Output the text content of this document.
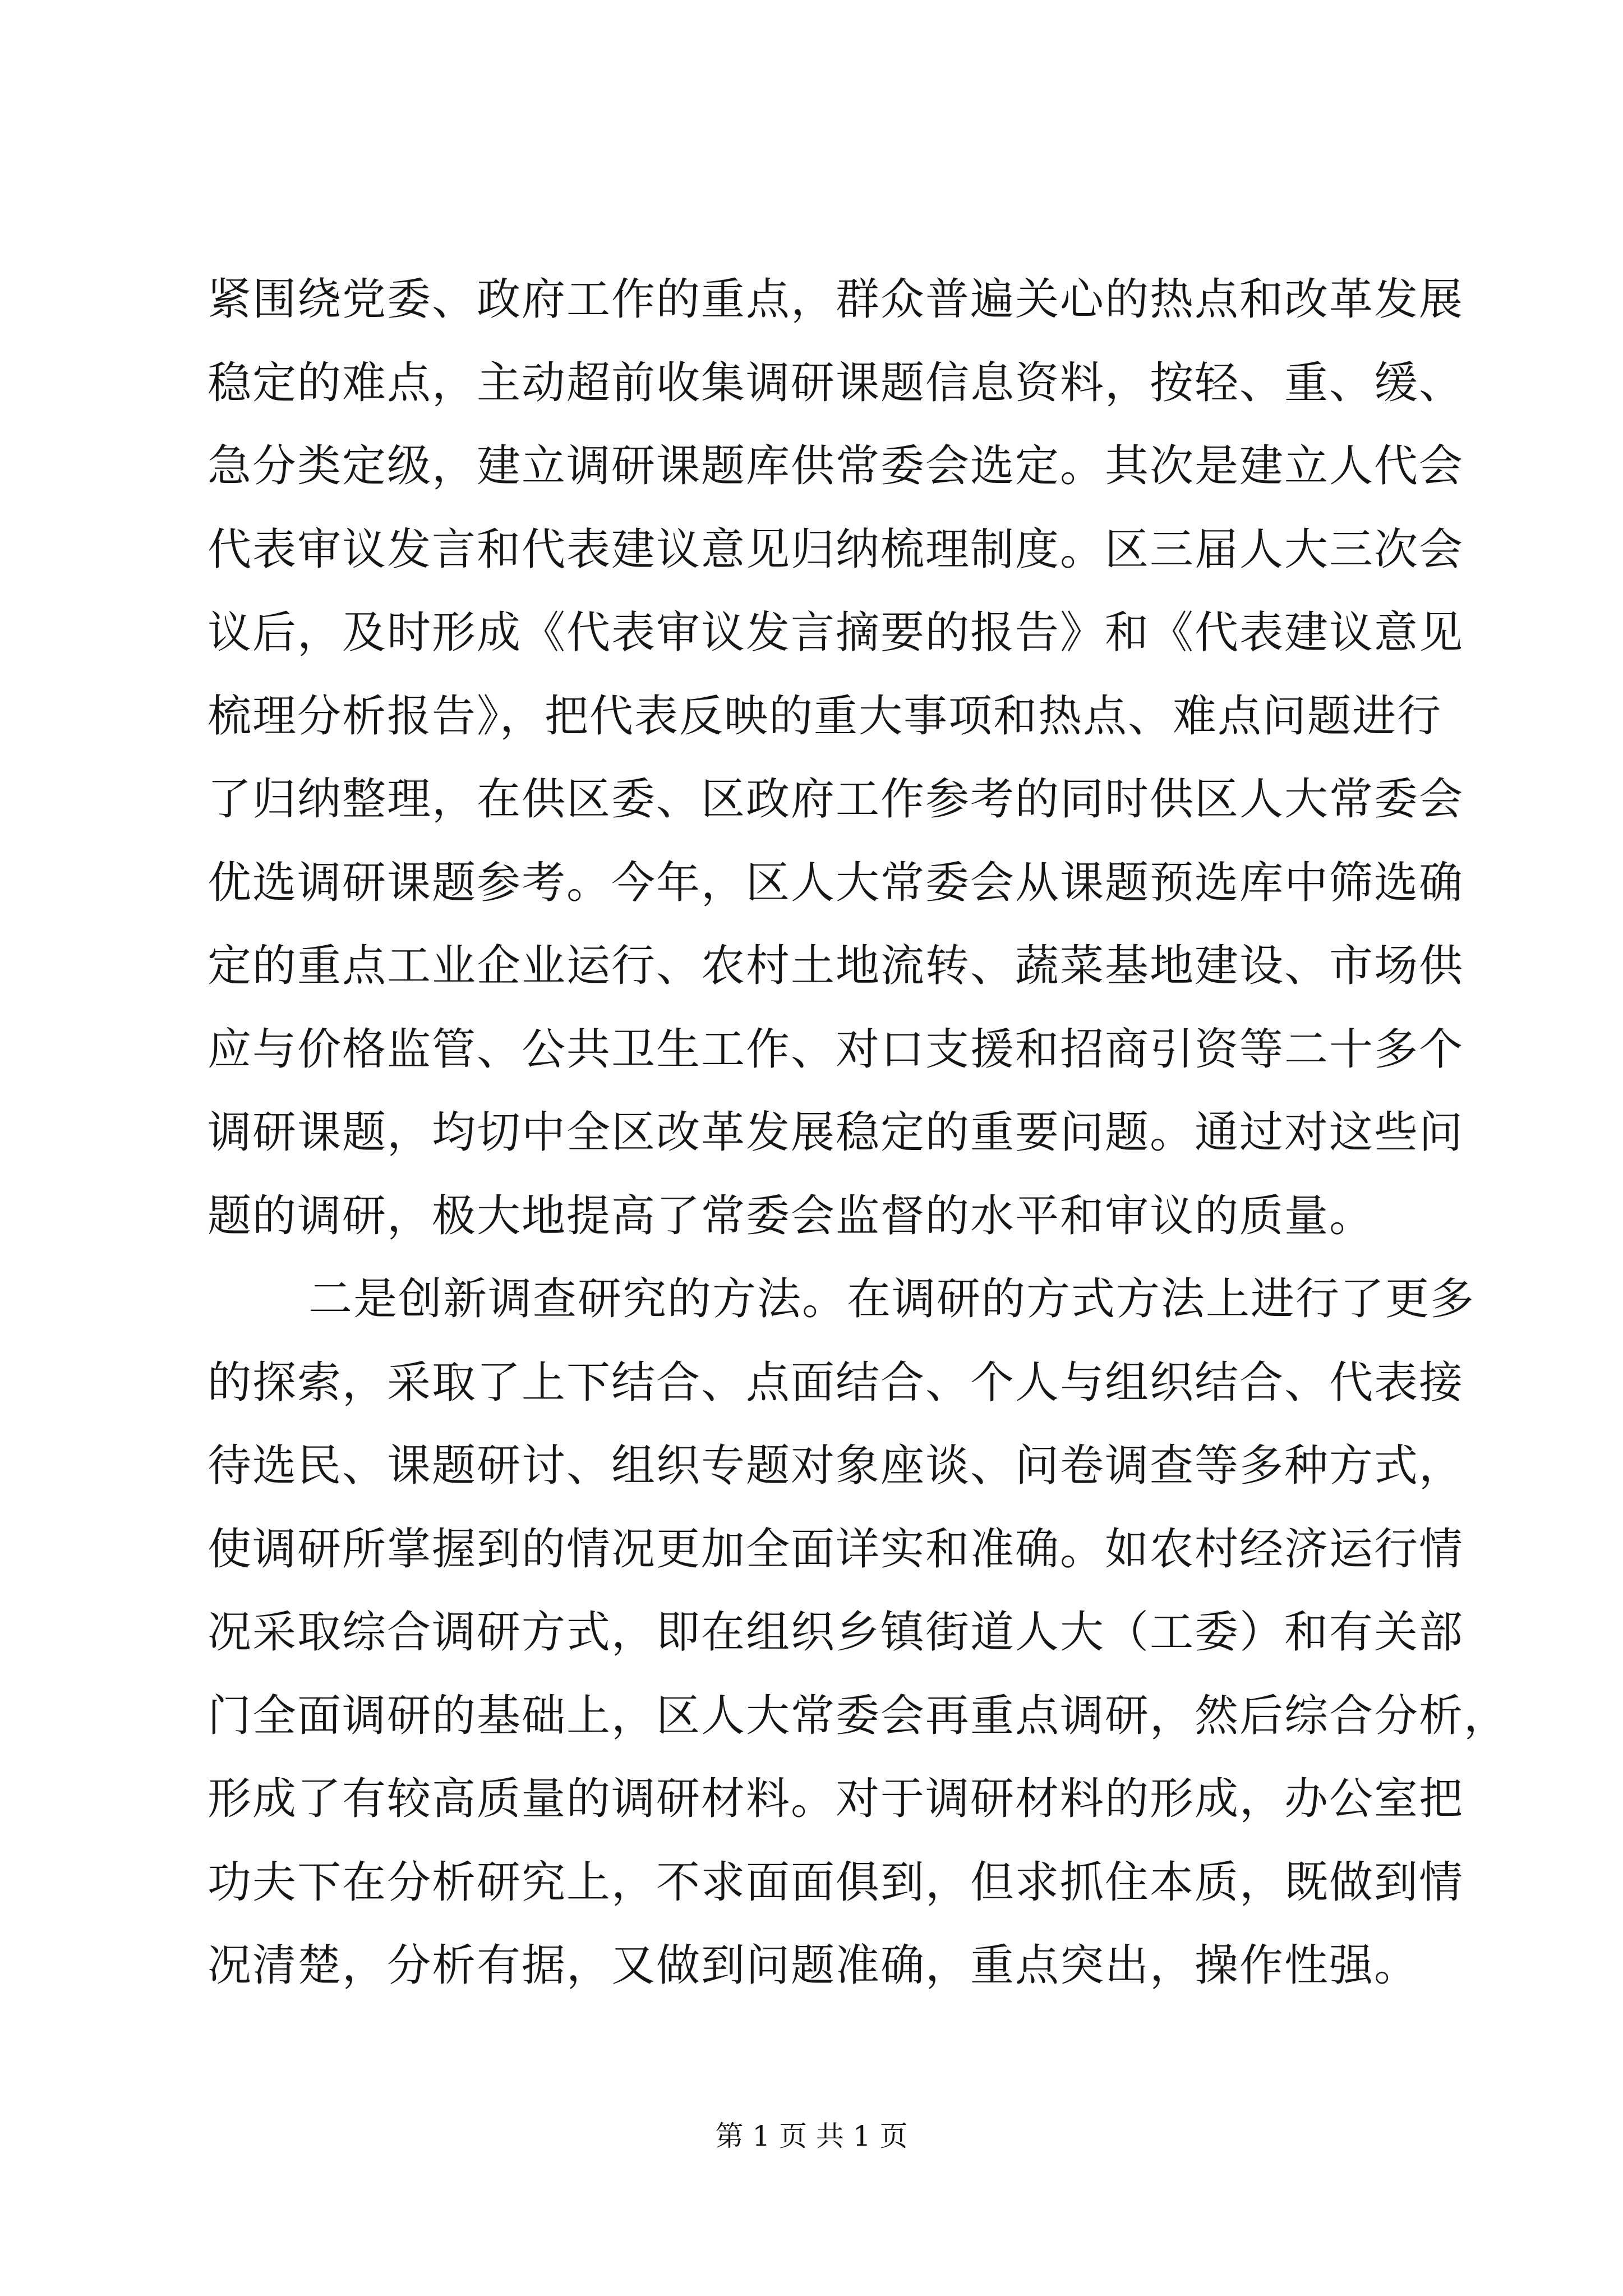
紧围绕党委、政府工作的重点，群众普遍关心的热点和改革发展
稳定的难点，主动超前收集调研课题信息资料，按轻、重、缓、
急分类定级，建立调研课题库供常委会选定。其次是建立人代会
代表审议发言和代表建议意见归纳梳理制度。区三届人大三次会
议后，及时形成《代表审议发言摘要的报告》和《代表建议意见
梳理分析报告》，把代表反映的重大事项和热点、难点问题进行
了归纳整理，在供区委、区政府工作参考的同时供区人大常委会
优选调研课题参考。今年，区人大常委会从课题预选库中筛选确
定的重点工业企业运行、农村土地流转、蔬菜基地建设、市场供
应与价格监管、公共卫生工作、对口支援和招商引资等二十多个
调研课题，均切中全区改革发展稳定的重要问题。通过对这些问
题的调研，极大地提高了常委会监督的水平和审议的质量。
二是创新调查研究的方法。在调研的方式方法上进行了更多
的探索，采取了上下结合、点面结合、个人与组织结合、代表接
待选民、课题研讨、组织专题对象座谈、问卷调查等多种方式，
使调研所掌握到的情况更加全面详实和准确。如农村经济运行情
况采取综合调研方式，即在组织乡镇街道人大（工委）和有关部
门全面调研的基础上，区人大常委会再重点调研，然后综合分析，
形成了有较高质量的调研材料。对于调研材料的形成，办公室把
功夫下在分析研究上，不求面面俱到，但求抓住本质，既做到情
况清楚，分析有据，又做到问题准确，重点突出，操作性强。
第 1 页 共 1 页
